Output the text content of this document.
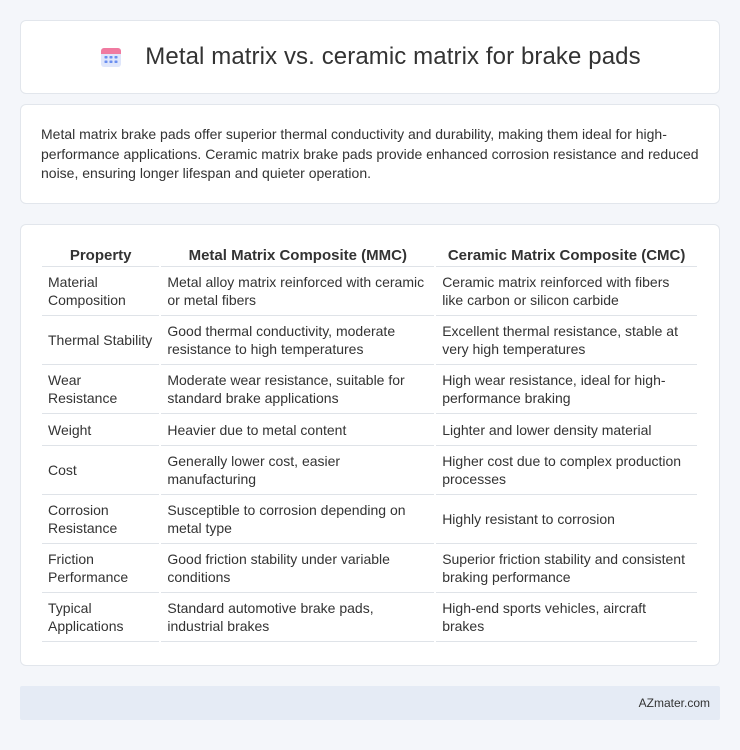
Metal matrix vs. ceramic matrix for brake pads

Metal matrix brake pads offer superior thermal conductivity and durability, making them ideal for high-performance applications. Ceramic matrix brake pads provide enhanced corrosion resistance and reduced noise, ensuring longer lifespan and quieter operation.

Property	Metal Matrix Composite (MMC)	Ceramic Matrix Composite (CMC)
Material Composition	Metal alloy matrix reinforced with ceramic or metal fibers	Ceramic matrix reinforced with fibers like carbon or silicon carbide
Thermal Stability	Good thermal conductivity, moderate resistance to high temperatures	Excellent thermal resistance, stable at very high temperatures
Wear Resistance	Moderate wear resistance, suitable for standard brake applications	High wear resistance, ideal for high-performance braking
Weight	Heavier due to metal content	Lighter and lower density material
Cost	Generally lower cost, easier manufacturing	Higher cost due to complex production processes
Corrosion Resistance	Susceptible to corrosion depending on metal type	Highly resistant to corrosion
Friction Performance	Good friction stability under variable conditions	Superior friction stability and consistent braking performance
Typical Applications	Standard automotive brake pads, industrial brakes	High-end sports vehicles, aircraft brakes
AZmater.com
